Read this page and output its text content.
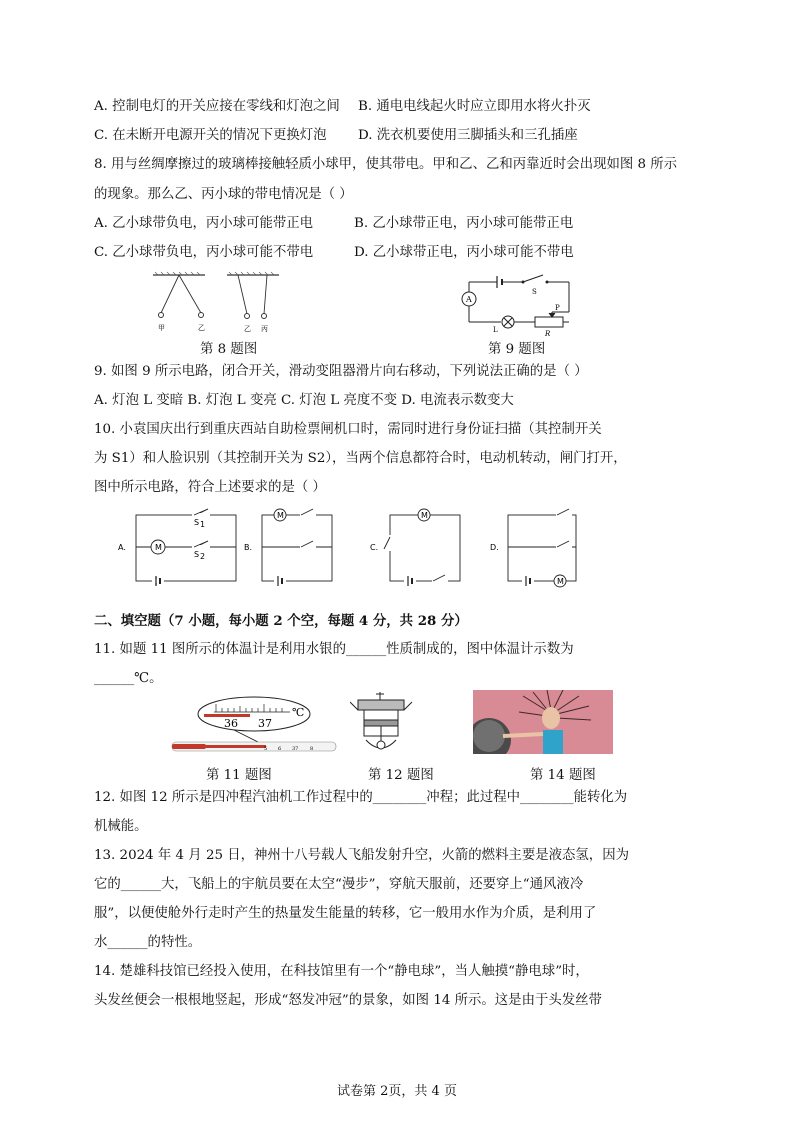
A. 控制电灯的开关应接在零线和灯泡之间 B. 通电电线起火时应立即用水将火扑灭
C. 在未断开电源开关的情况下更换灯泡 D. 洗衣机要使用三脚插头和三孔插座
8. 用与丝绸摩擦过的玻璃棒接触轻质小球甲，使其带电。甲和乙、乙和丙靠近时会出现如图 8 所示
的现象。那么乙、丙小球的带电情况是（ ）
A. 乙小球带负电，丙小球可能带正电	B. 乙小球带正电，丙小球可能带正电
C. 乙小球带负电，丙小球可能不带电	D. 乙小球带正电，丙小球可能不带电
甲	乙	乙 丙
第 8 题图
A
S
L
P
R
第 9 题图
9. 如图 9 所示电路，闭合开关，滑动变阻器滑片向右移动，下列说法正确的是（ ）
A. 灯泡 L 变暗 B. 灯泡 L 变亮 C. 灯泡 L 亮度不变 D. 电流表示数变大
10. 小袁国庆出行到重庆西站自助检票闸机口时，需同时进行身份证扫描（其控制开关
为 S1）和人脸识别（其控制开关为 S2），当两个信息都符合时，电动机转动，闸门打开，
图中所示电路，符合上述要求的是（ ）
M
A.
S 1
S 2
M
B.
M
C.
M
D.
二、填空题（7 小题，每小题 2 个空，每题 4 分，共 28 分）
11. 如题 11 图所示的体温计是利用水银的______性质制成的，图中体温计示数为
______℃。
36 37
℃
5 6 37 8
第 11 题图	第 12 题图	第 14 题图
12. 如图 12 所示是四冲程汽油机工作过程中的________冲程；此过程中________能转化为
机械能。
13. 2024 年 4 月 25 日，神州十八号载人飞船发射升空，火箭的燃料主要是液态氢，因为
它的______大，飞船上的宇航员要在太空“漫步”，穿航天服前，还要穿上“通风液冷
服”，以便使舱外行走时产生的热量发生能量的转移，它一般用水作为介质，是利用了
水______的特性。
14. 楚雄科技馆已经投入使用，在科技馆里有一个“静电球”，当人触摸“静电球”时，
头发丝便会一根根地竖起，形成“怒发冲冠”的景象，如图 14 所示。这是由于头发丝带
试卷第 2页，共 4 页
